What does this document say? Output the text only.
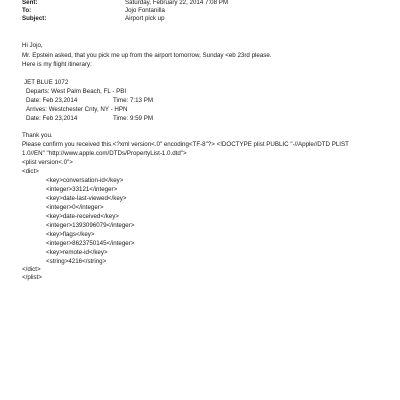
Sent:	Saturday, February 22, 2014 7:08 PM
To:	Jojo Fontanilla
Subject:	Airport pick up
Hi Jojo,
Mr. Epstein asked, that you pick me up from the airport tomorrow, Sunday <eb 23rd please.
Here is my flight itinerary:
JET BLUE 1072
Departs: West Palm Beach, FL - PBI
Date: Feb 23,2014	Time: 7:13 PM
Arrives: Westchester Cnty, NY - HPN
Date: Feb 23,2014	Time: 9:59 PM
Thank you.
Please confirm you received this.<?xml version<.0" encoding<TF-8"?> <!DOCTYPE plist PUBLIC "-//Apple//DTD PLIST
1.0//EN" "http://www.apple.com/DTDs/PropertyList-1.0.dtd">
<plist version<.0">
<dict>
<key>conversation-id</key>
<integer>33121</integer>
<key>date-last-viewed</key>
<integer>0</integer>
<key>date-received</key>
<integer>1393096079</integer>
<key>flags</key>
<integer>8623750145</integer>
<key>remote-id</key>
<string>4216</string>
</dict>
</plist>
